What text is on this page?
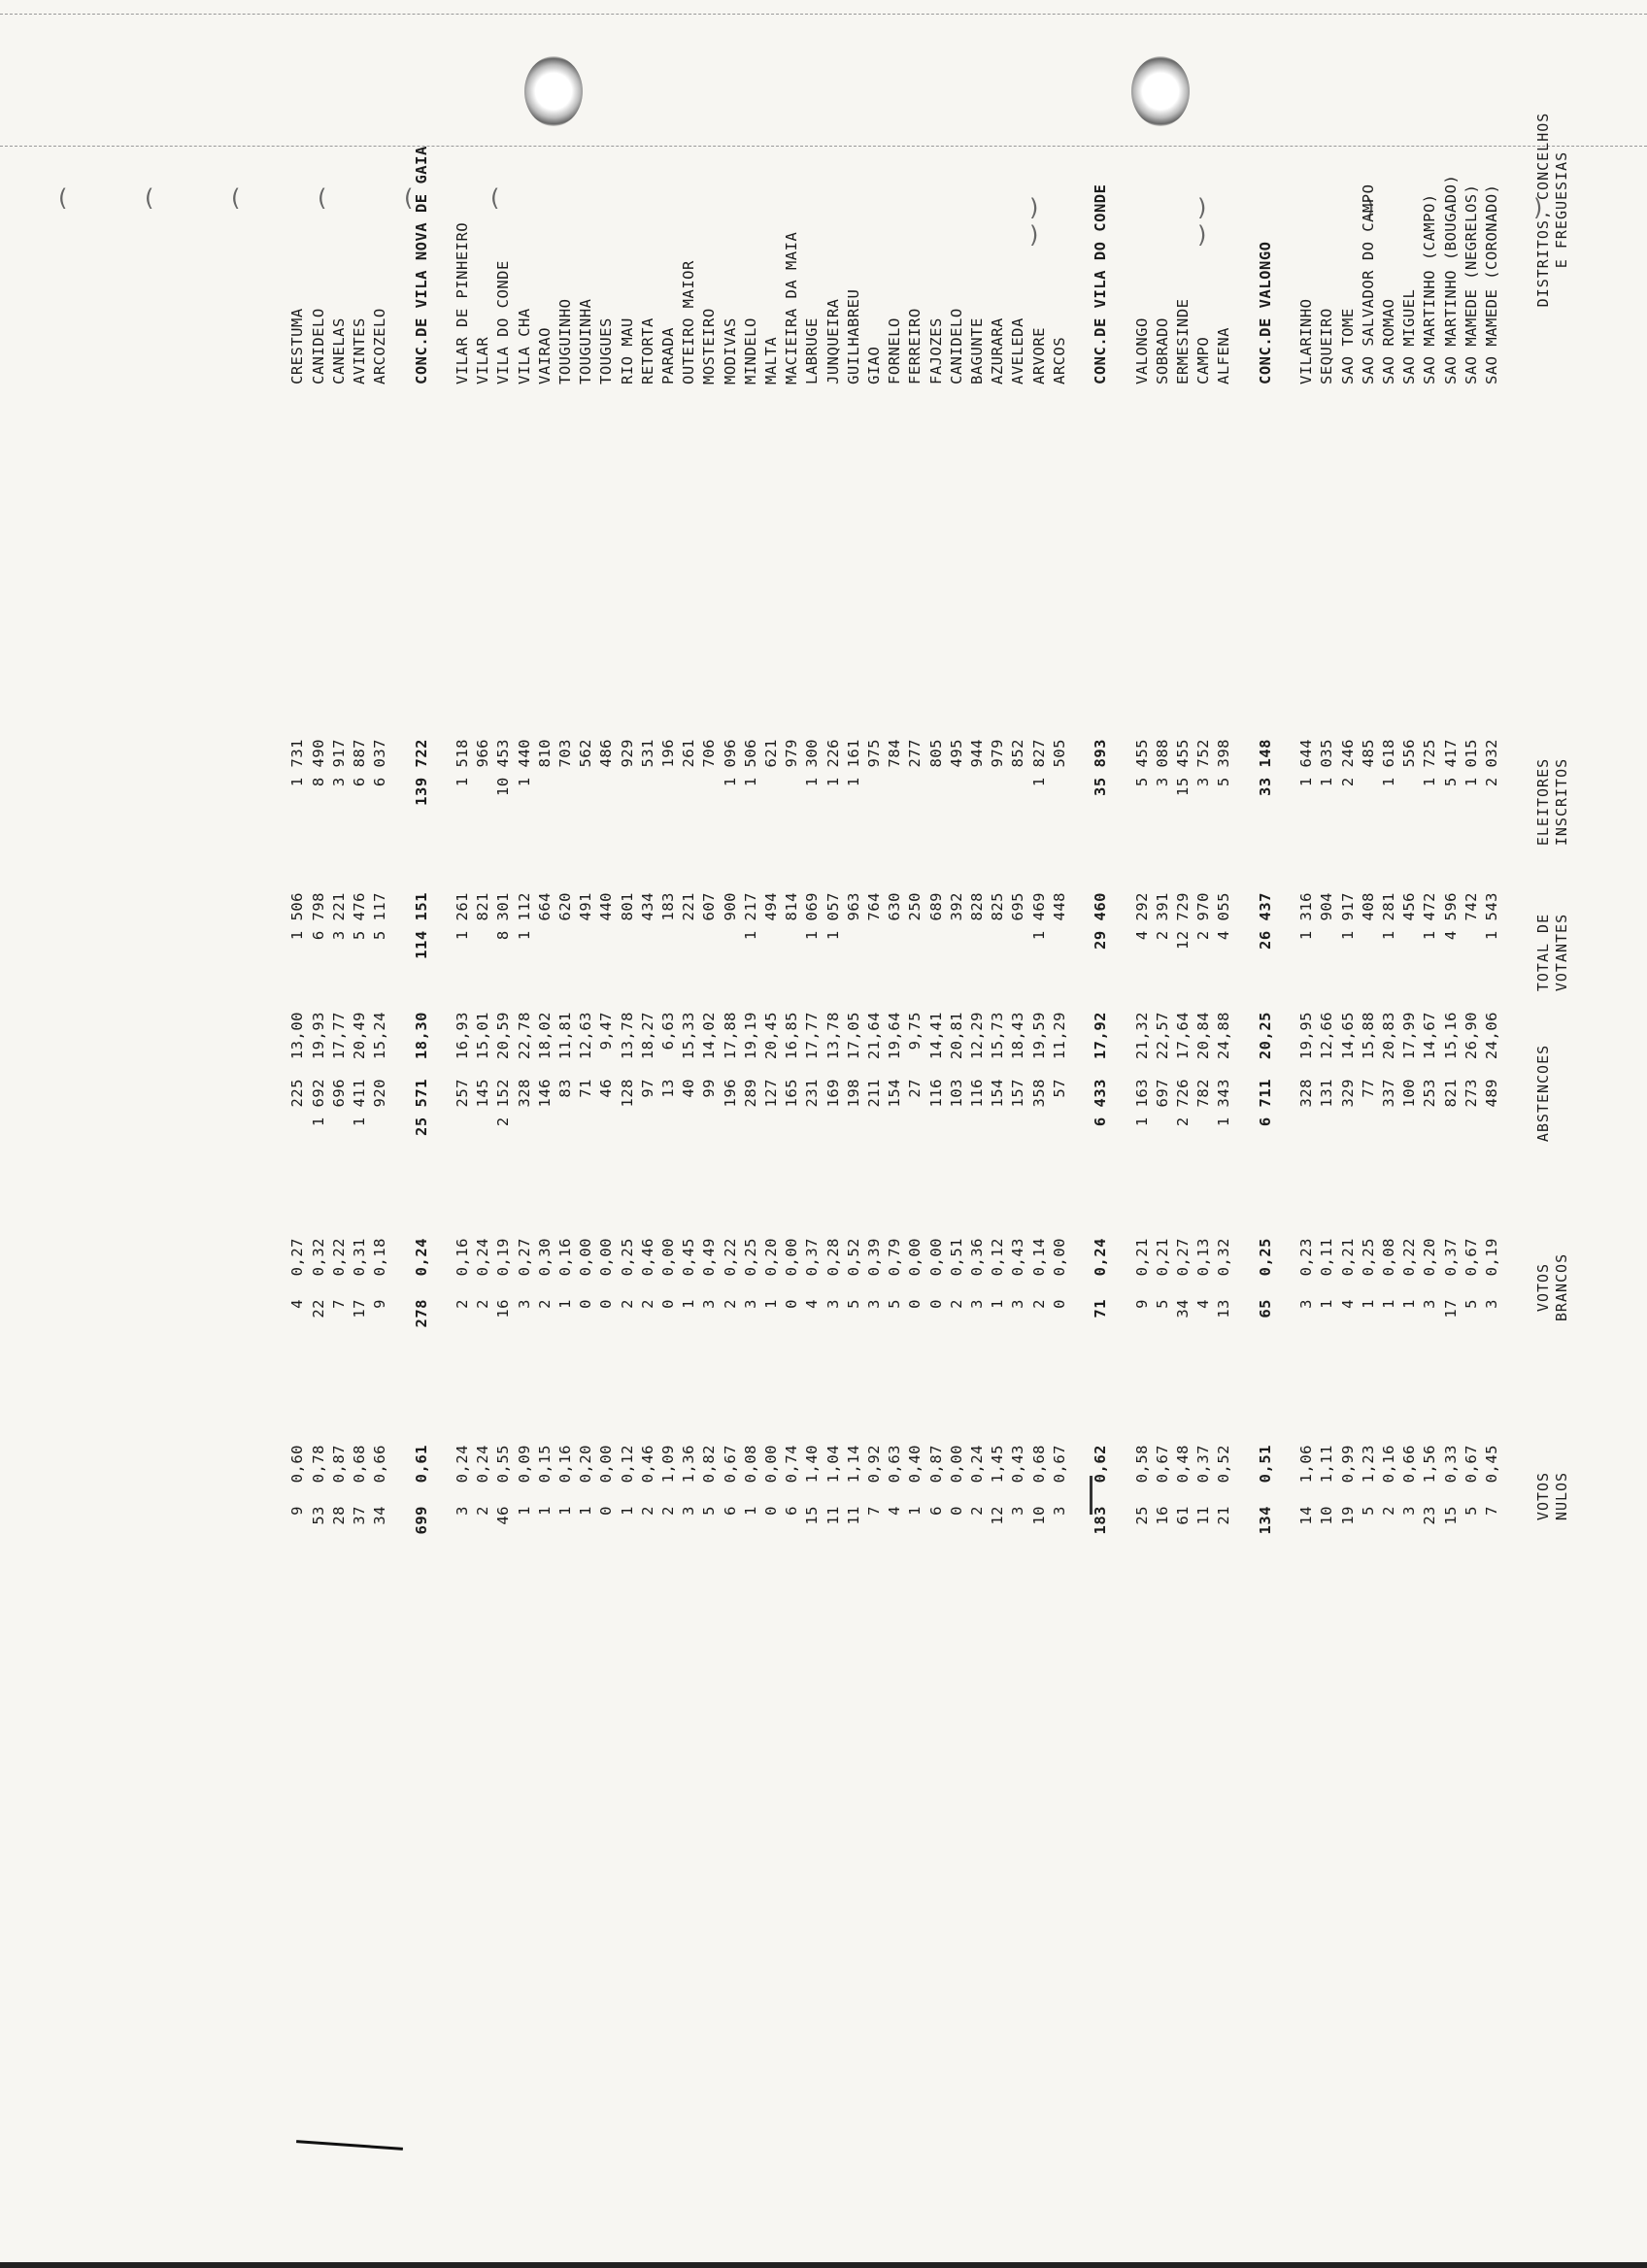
( ( ( ( ( (	) ) ) ) ) )	DISTRITOS, CONCELHOS
E FREGUESIAS
ELEITORES
INSCRITOS
TOTAL DE
VOTANTES
ABSTENCOES
VOTOS
BRANCOS
VOTOS
NULOS
SAO MAMEDE (CORONADO)
2 032
1 543
24,06
489
0,19
3
0,45
7
SAO MAMEDE (NEGRELOS)
1 015
742
26,90
273
0,67
5
0,67
5
SAO MARTINHO (BOUGADO)
5 417
4 596
15,16
821
0,37
17
0,33
15
SAO MARTINHO (CAMPO)
1 725
1 472
14,67
253
0,20
3
1,56
23
SAO MIGUEL
556
456
17,99
100
0,22
1
0,66
3
SAO ROMAO
1 618
1 281
20,83
337
0,08
1
0,16
2
SAO SALVADOR DO CAMPO
485
408
15,88
77
0,25
1
1,23
5
SAO TOME
2 246
1 917
14,65
329
0,21
4
0,99
19
SEQUEIRO
1 035
904
12,66
131
0,11
1
1,11
10
VILARINHO
1 644
1 316
19,95
328
0,23
3
1,06
14
CONC.DE VALONGO
33 148
26 437
20,25
6 711
0,25
65
0,51
134
ALFENA
5 398
4 055
24,88
1 343
0,32
13
0,52
21
CAMPO
3 752
2 970
20,84
782
0,13
4
0,37
11
ERMESINDE
15 455
12 729
17,64
2 726
0,27
34
0,48
61
SOBRADO
3 088
2 391
22,57
697
0,21
5
0,67
16
VALONGO
5 455
4 292
21,32
1 163
0,21
9
0,58
25
CONC.DE VILA DO CONDE
35 893
29 460
17,92
6 433
0,24
71
0,62
183
ARCOS
505
448
11,29
57
0,00
0
0,67
3
ARVORE
1 827
1 469
19,59
358
0,14
2
0,68
10
AVELEDA
852
695
18,43
157
0,43
3
0,43
3
AZURARA
979
825
15,73
154
0,12
1
1,45
12
BAGUNTE
944
828
12,29
116
0,36
3
0,24
2
CANIDELO
495
392
20,81
103
0,51
2
0,00
0
FAJOZES
805
689
14,41
116
0,00
0
0,87
6
FERREIRO
277
250
9,75
27
0,00
0
0,40
1
FORNELO
784
630
19,64
154
0,79
5
0,63
4
GIAO
975
764
21,64
211
0,39
3
0,92
7
GUILHABREU
1 161
963
17,05
198
0,52
5
1,14
11
JUNQUEIRA
1 226
1 057
13,78
169
0,28
3
1,04
11
LABRUGE
1 300
1 069
17,77
231
0,37
4
1,40
15
MACIEIRA DA MAIA
979
814
16,85
165
0,00
0
0,74
6
MALTA
621
494
20,45
127
0,20
1
0,00
0
MINDELO
1 506
1 217
19,19
289
0,25
3
0,08
1
MODIVAS
1 096
900
17,88
196
0,22
2
0,67
6
MOSTEIRO
706
607
14,02
99
0,49
3
0,82
5
OUTEIRO MAIOR
261
221
15,33
40
0,45
1
1,36
3
PARADA
196
183
6,63
13
0,00
0
1,09
2
RETORTA
531
434
18,27
97
0,46
2
0,46
2
RIO MAU
929
801
13,78
128
0,25
2
0,12
1
TOUGUES
486
440
9,47
46
0,00
0
0,00
0
TOUGUINHA
562
491
12,63
71
0,00
0
0,20
1
TOUGUINHO
703
620
11,81
83
0,16
1
0,16
1
VAIRAO
810
664
18,02
146
0,30
2
0,15
1
VILA CHA
1 440
1 112
22,78
328
0,27
3
0,09
1
VILA DO CONDE
10 453
8 301
20,59
2 152
0,19
16
0,55
46
VILAR
966
821
15,01
145
0,24
2
0,24
2
VILAR DE PINHEIRO
1 518
1 261
16,93
257
0,16
2
0,24
3
CONC.DE VILA NOVA DE GAIA
139 722
114 151
18,30
25 571
0,24
278
0,61
699
ARCOZELO
6 037
5 117
15,24
920
0,18
9
0,66
34
AVINTES
6 887
5 476
20,49
1 411
0,31
17
0,68
37
CANELAS
3 917
3 221
17,77
696
0,22
7
0,87
28
CANIDELO
8 490
6 798
19,93
1 692
0,32
22
0,78
53
CRESTUMA
1 731
1 506
13,00
225
0,27
4
0,60
9
